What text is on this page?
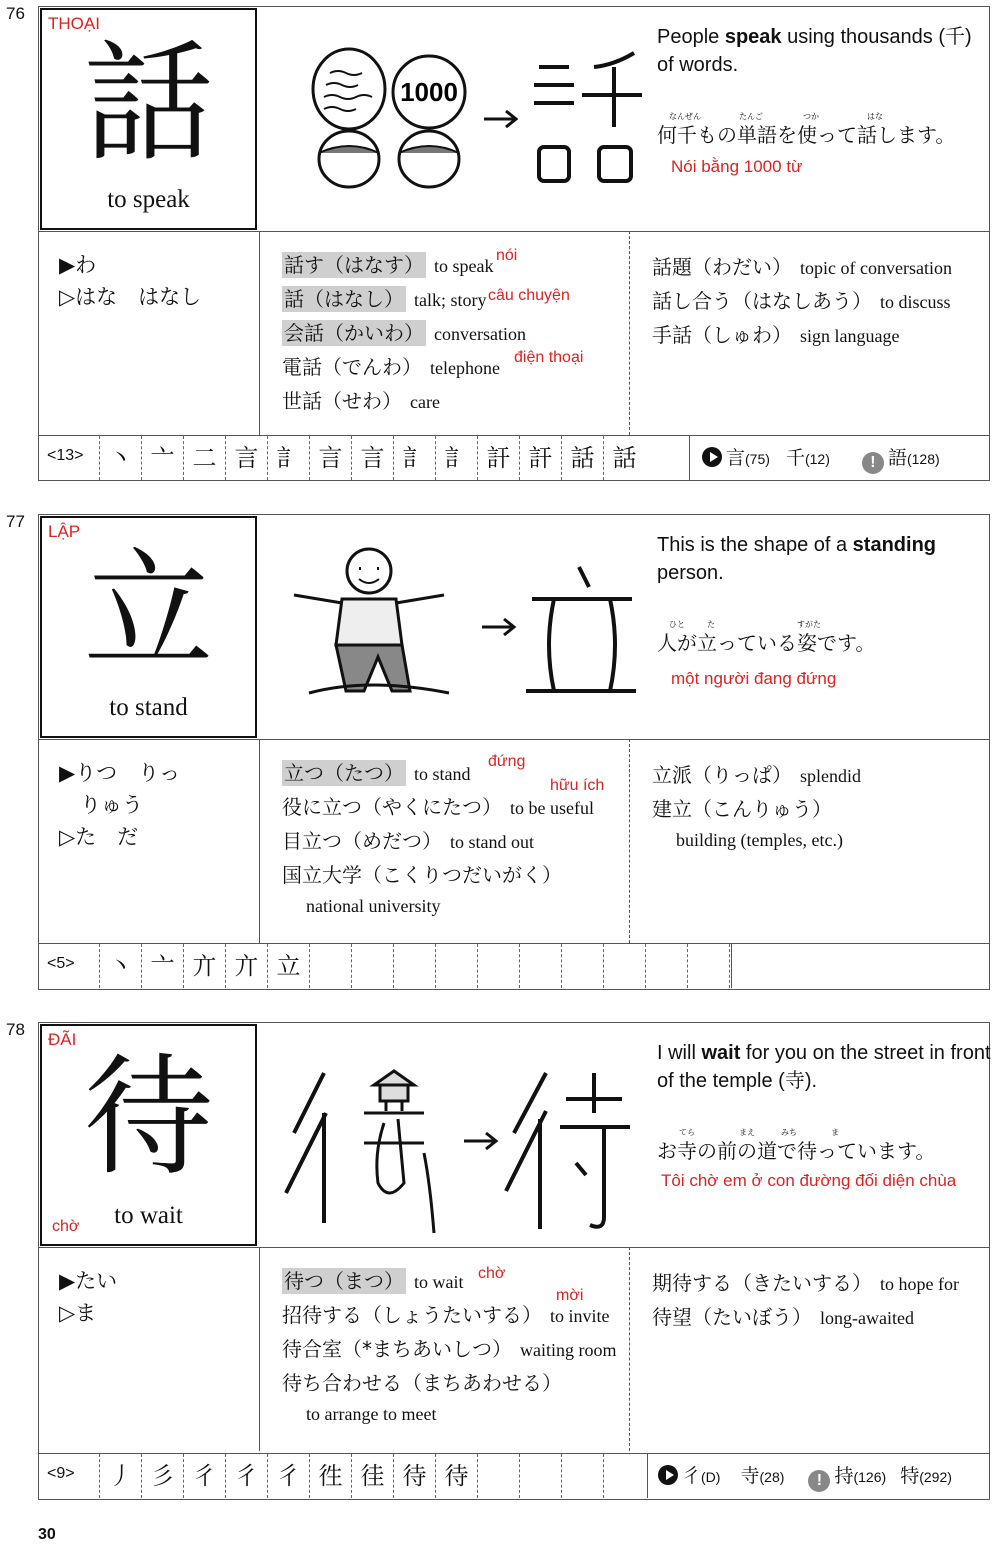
76
THOẠI
話
to speak
1000
People speak using thousands (千) of words.
なんぜん	たんご	つか	はな
何千もの単語を使って話します。
Nói bằng 1000 từ
▶わ
▷はな　はなし
話す（はなす） to speak
nói
話（はなし） talk; story câu chuyện
会話（かいわ） conversation
電話（でんわ） telephone
điện thoại
世話（せわ） care
話題（わだい） topic of conversation
話し合う（はなしあう） to discuss
手話（しゅわ） sign language
<13>	丶 亠 ⼆ ⾔ 訁 言 言 訁 訁 訐 訐 話 話	言(75) 千(12)	! 語(128)
77
LẬP
立
to stand
This is the shape of a standing person.
ひと	た	すがた
人が立っている姿です。
một người đang đứng
▶りつ　りっ
　りゅう
▷た　だ
立つ（たつ） to stand
đứng
hữu ích
役に立つ（やくにたつ） to be useful
目立つ（めだつ） to stand out
国立大学（こくりつだいがく）
national university
立派（りっぱ） splendid
建立（こんりゅう）
building (temples, etc.)
<5>	丶 亠 亣 亣 立
78
ĐÃI
待
to wait
chờ
I will wait for you on the street in front of the temple (寺).
てら	まえ	みち	ま
お寺の前の道で待っています。
Tôi chờ em ở con đường đối diện chùa
▶たい
▷ま
待つ（まつ） to wait chờ
mời
招待する（しょうたいする） to invite
待合室（*まちあいしつ） waiting room
待ち合わせる（まちあわせる）
to arrange to meet
期待する（きたいする） to hope for
待望（たいぼう） long-awaited
<9>	丿 彡 彳 彳 彳 徃 徍 待 待	彳(D) 寺(28) ! 持(126) 特(292)
30
